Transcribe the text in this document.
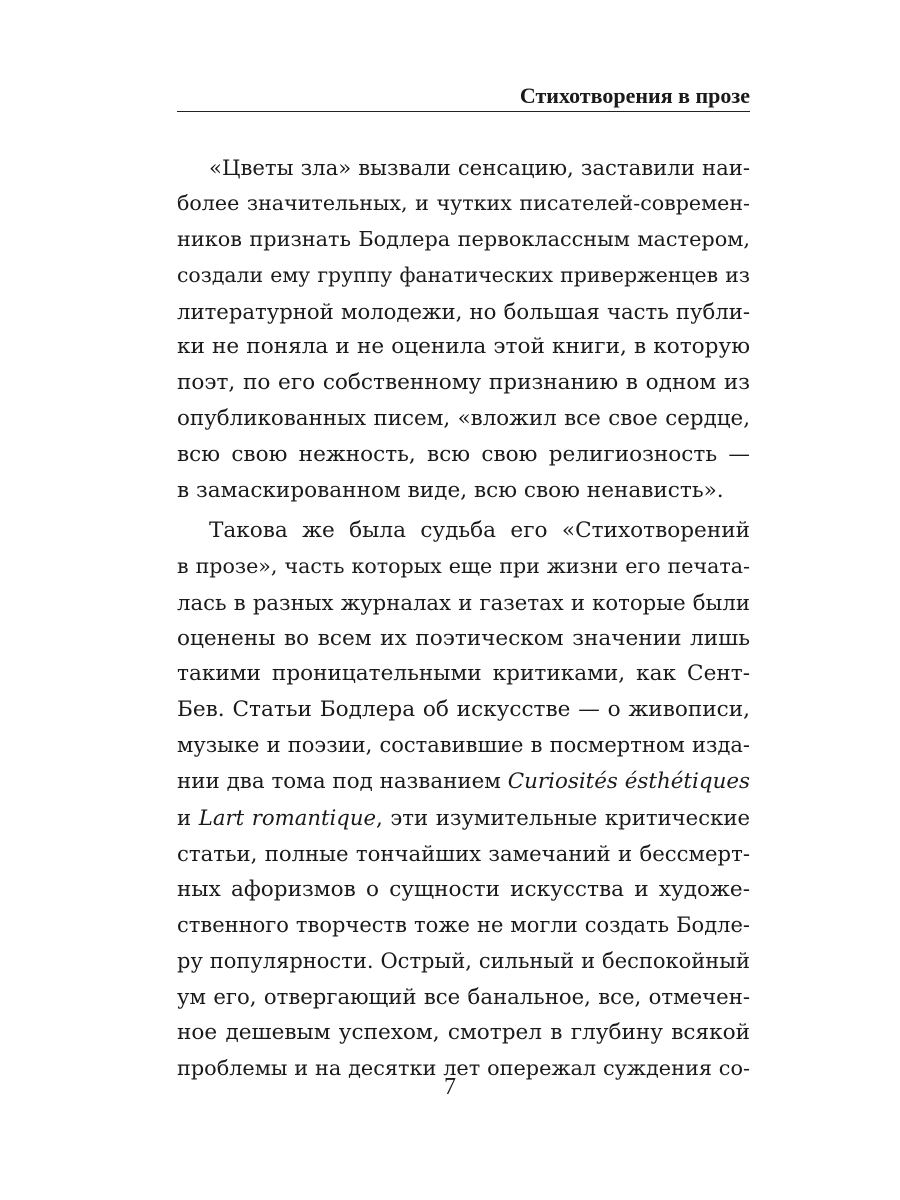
Стихотворения в прозе
«Цветы зла» вызвали сенсацию, заставили наи-
более значительных, и чутких писателей-современ-
ников признать Бодлера первоклассным мастером,
создали ему группу фанатических приверженцев из
литературной молодежи, но большая часть публи-
ки не поняла и не оценила этой книги, в которую
поэт, по его собственному признанию в одном из
опубликованных писем, «вложил все свое сердце,
всю свою нежность, всю свою религиозность —
в замаскированном виде, всю свою ненависть».
Такова же была судьба его «Стихотворений
в прозе», часть которых еще при жизни его печата-
лась в разных журналах и газетах и которые были
оценены во всем их поэтическом значении лишь
такими проницательными критиками, как Сент-
Бев. Статьи Бодлера об искусстве — о живописи,
музыке и поэзии, составившие в посмертном изда-
нии два тома под названием Curiosités ésthétiques
и Lart romantique, эти изумительные критические
статьи, полные тончайших замечаний и бессмерт-
ных афоризмов о сущности искусства и художе-
ственного творчеств тоже не могли создать Бодле-
ру популярности. Острый, сильный и беспокойный
ум его, отвергающий все банальное, все, отмечен-
ное дешевым успехом, смотрел в глубину всякой
проблемы и на десятки лет опережал суждения со-
7
